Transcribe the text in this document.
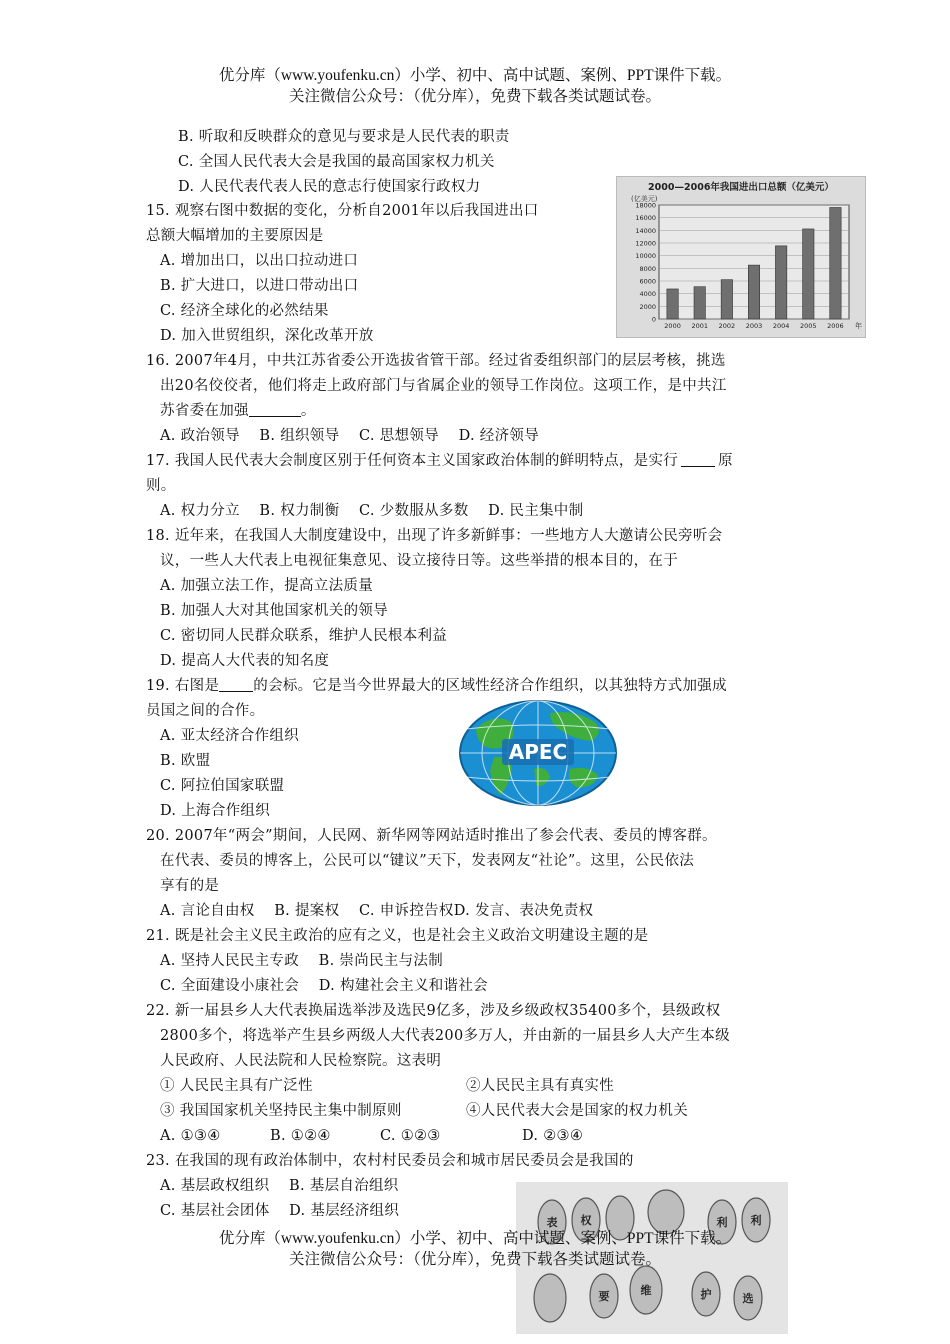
优分库（www.youfenku.cn）小学、初中、高中试题、案例、PPT课件下载。
关注微信公众号：（优分库），免费下载各类试题试卷。
B. 听取和反映群众的意见与要求是人民代表的职责
C. 全国人民代表大会是我国的最高国家权力机关
D. 人民代表代表人民的意志行使国家行政权力
15. 观察右图中数据的变化，分析自2001年以后我国进出口
总额大幅增加的主要原因是
A. 增加出口，以出口拉动进口
B. 扩大进口，以进口带动出口
C. 经济全球化的必然结果
D. 加入世贸组织，深化改革开放
2000—2006年我国进出口总额（亿美元）
(亿美元)
0
2000
4000
6000
8000
10000
12000
14000
16000
18000
2000 2001 2002 2003 2004 2005 2006 年
16. 2007年4月，中共江苏省委公开选拔省管干部。经过省委组织部门的层层考核，挑选
出20名佼佼者，他们将走上政府部门与省属企业的领导工作岗位。这项工作，是中共江
苏省委在加强	。
A. 政治领导    B. 组织领导    C. 思想领导    D. 经济领导
17. 我国人民代表大会制度区别于任何资本主义国家政治体制的鲜明特点，是实行	原
则。
A. 权力分立    B. 权力制衡    C. 少数服从多数    D. 民主集中制
18. 近年来，在我国人大制度建设中，出现了许多新鲜事：一些地方人大邀请公民旁听会
议，一些人大代表上电视征集意见、设立接待日等。这些举措的根本目的，在于
A. 加强立法工作，提高立法质量
B. 加强人大对其他国家机关的领导
C. 密切同人民群众联系，维护人民根本利益
D. 提高人大代表的知名度
19. 右图是 的会标。它是当今世界最大的区域性经济合作组织，以其独特方式加强成
员国之间的合作。
A. 亚太经济合作组织
B. 欧盟
C. 阿拉伯国家联盟
D. 上海合作组织
APEC
20. 2007年“两会”期间，人民网、新华网等网站适时推出了参会代表、委员的博客群。
在代表、委员的博客上，公民可以“键议”天下，发表网友“社论”。这里，公民依法
享有的是
A. 言论自由权    B. 提案权    C. 申诉控告权D. 发言、表决免责权
21. 既是社会主义民主政治的应有之义，也是社会主义政治文明建设主题的是
A. 坚持人民民主专政    B. 崇尚民主与法制
C. 全面建设小康社会    D. 构建社会主义和谐社会
22. 新一届县乡人大代表换届选举涉及选民9亿多，涉及乡级政权35400多个，县级政权
2800多个，将选举产生县乡两级人大代表200多万人，并由新的一届县乡人大产生本级
人民政府、人民法院和人民检察院。这表明
① 人民民主具有广泛性	②人民民主具有真实性
③ 我国国家机关坚持民主集中制原则	④人民代表大会是国家的权力机关
A. ①③④	B. ①②④	C. ①②③	D. ②③④
23. 在我国的现有政治体制中，农村村民委员会和城市居民委员会是我国的
A. 基层政权组织    B. 基层自治组织
C. 基层社会团体    D. 基层经济组织
表 权	利 利
要	维	护	选
优分库（www.youfenku.cn）小学、初中、高中试题、案例、PPT课件下载。
关注微信公众号：（优分库），免费下载各类试题试卷。
